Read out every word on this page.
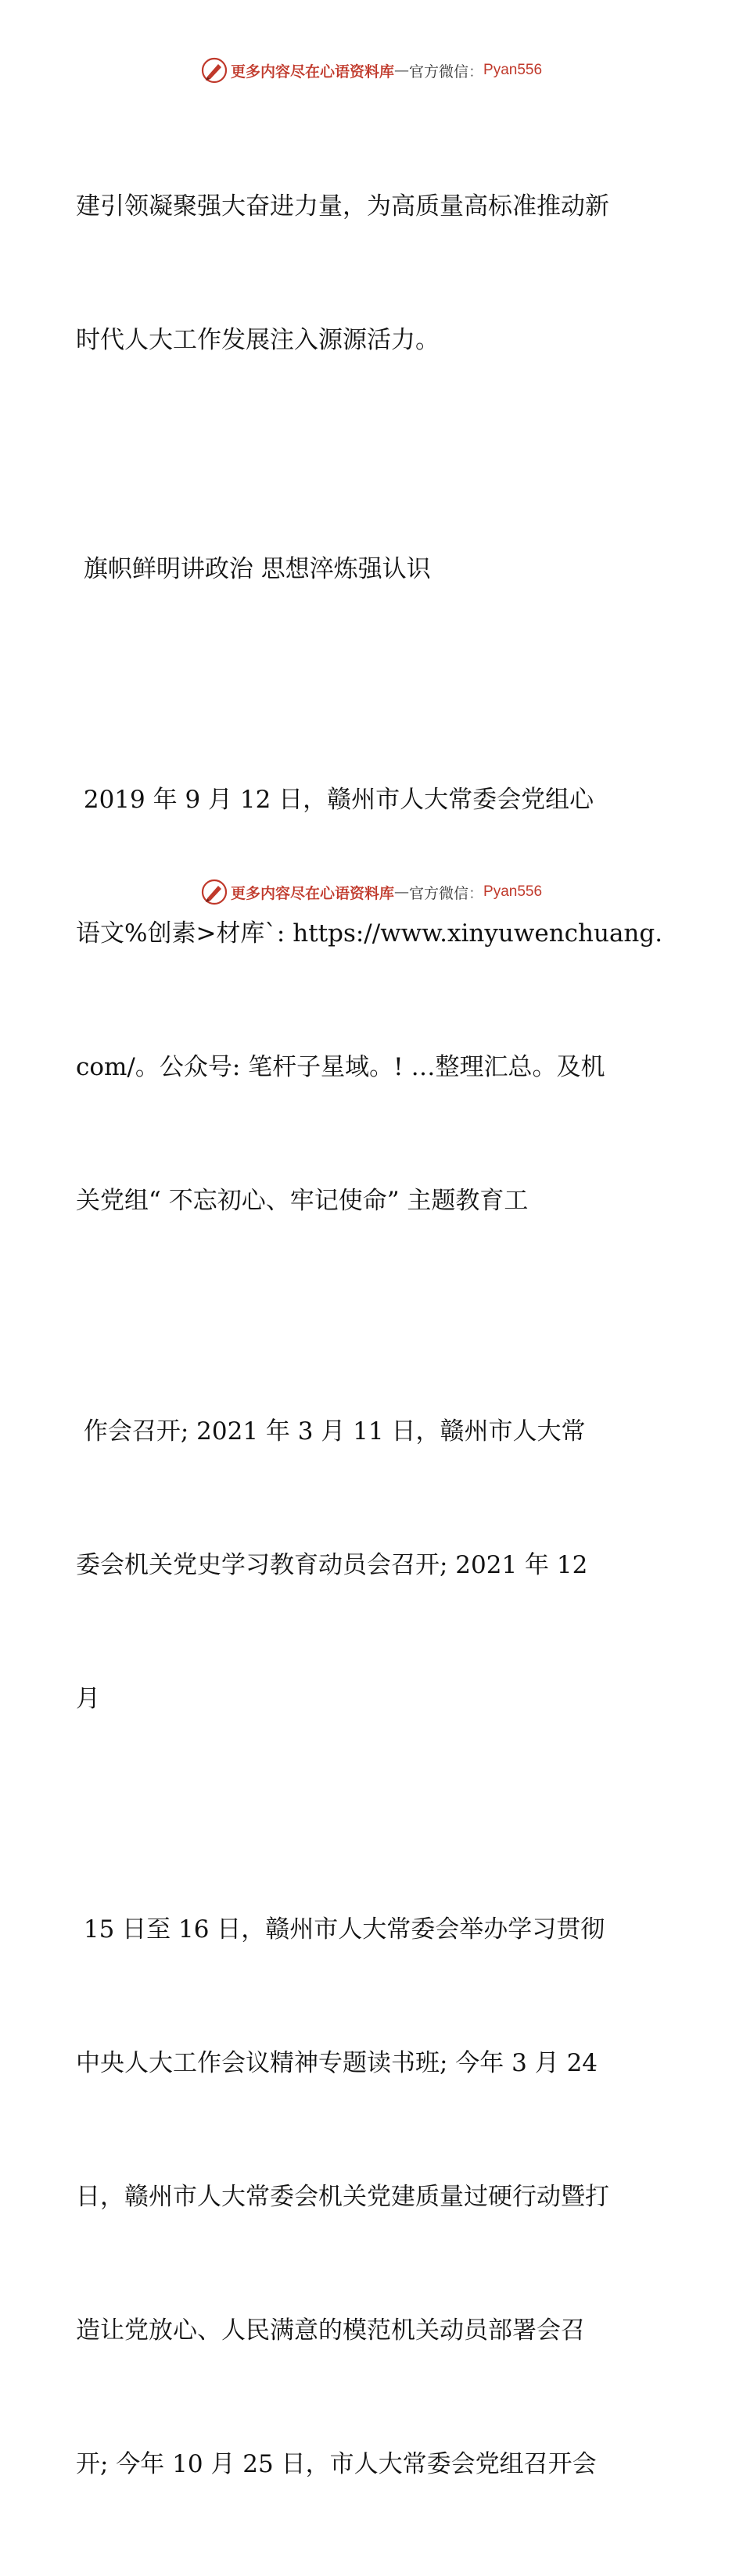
更多内容尽在心语资料库 — 官方微信 ： Pyan556

建引领凝聚强大奋进力量，为高质量高标准推动新

时代人大工作发展注入源源活力。

旗帜鲜明讲政治 思想淬炼强认识

2019 年 9 月 12 日，赣州市人大常委会党组心

语文%创素>材库`: https://www.xinyuwenchuang.

com/。公众号: 笔杆子星域。! …整理汇总。及机

关党组“ 不忘初心、牢记使命” 主题教育工

作会召开; 2021 年 3 月 11 日，赣州市人大常

委会机关党史学习教育动员会召开; 2021 年 12

月

15 日至 16 日，赣州市人大常委会举办学习贯彻

中央人大工作会议精神专题读书班; 今年 3 月 24

日，赣州市人大常委会机关党建质量过硬行动暨打

造让党放心、人民满意的模范机关动员部署会召

开; 今年 10 月 25 日，市人大常委会党组召开会

更多内容尽在心语资料库 — 官方微信 ： Pyan556
